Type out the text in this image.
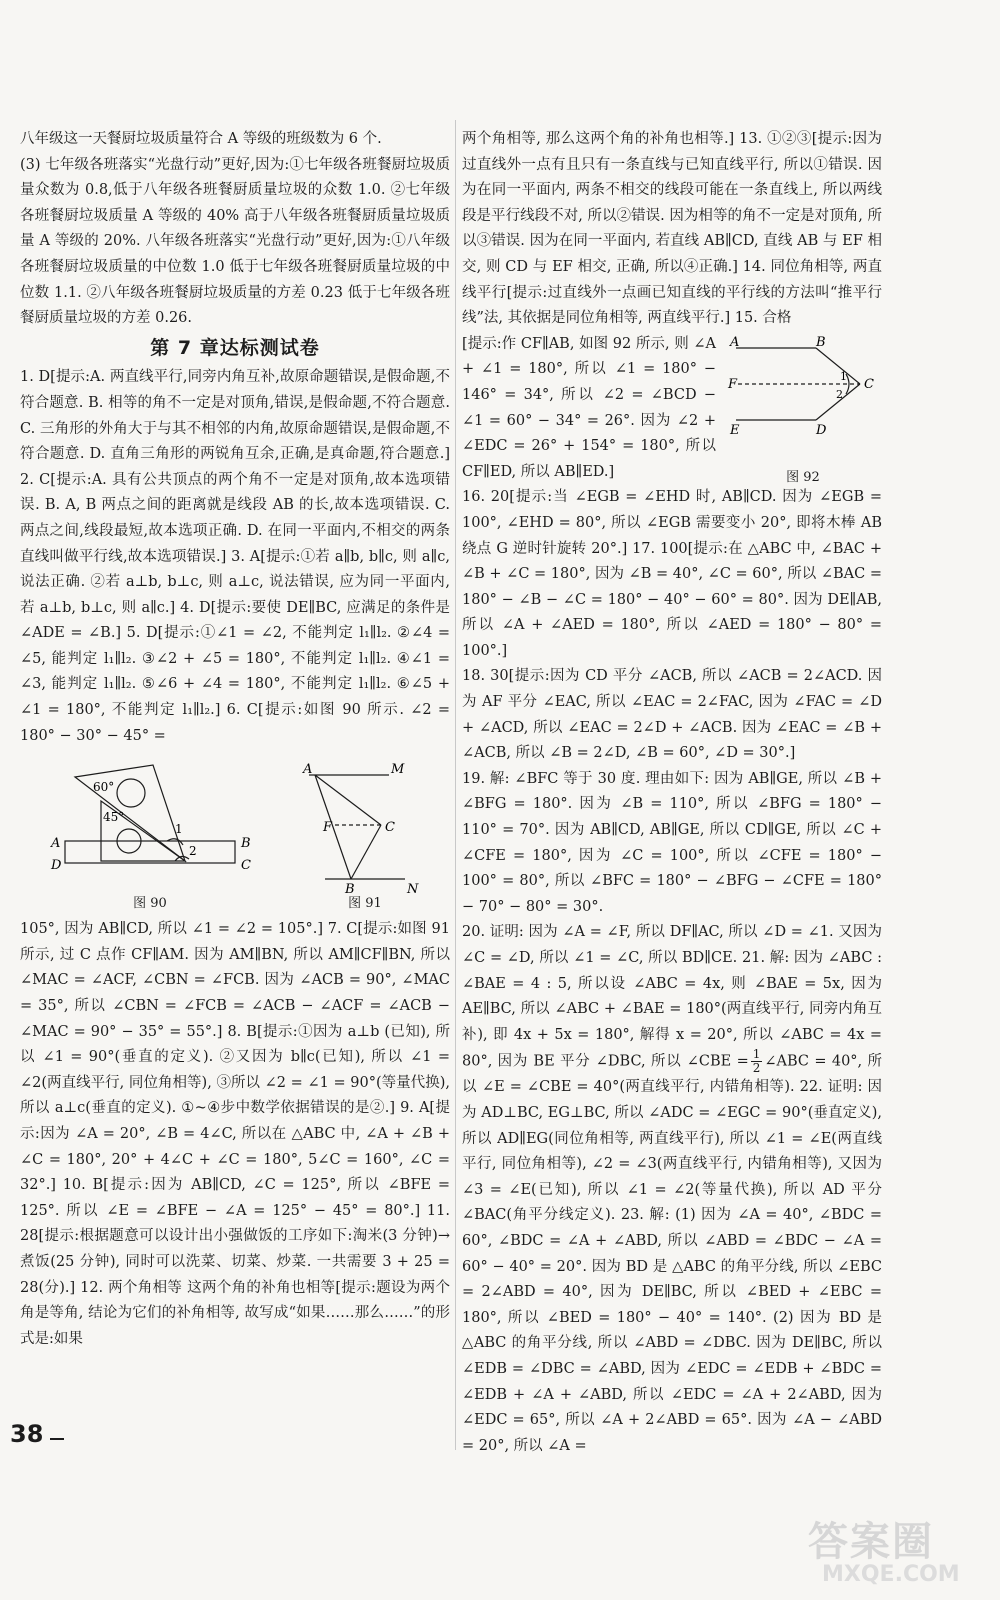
八年级这一天餐厨垃圾质量符合 A 等级的班级数为 6 个.

(3) 七年级各班落实“光盘行动”更好,因为:①七年级各班餐厨垃圾质量众数为 0.8,低于八年级各班餐厨质量垃圾的众数 1.0. ②七年级各班餐厨垃圾质量 A 等级的 40% 高于八年级各班餐厨质量垃圾质量 A 等级的 20%. 八年级各班落实“光盘行动”更好,因为:①八年级各班餐厨垃圾质量的中位数 1.0 低于七年级各班餐厨质量垃圾的中位数 1.1. ②八年级各班餐厨垃圾质量的方差 0.23 低于七年级各班餐厨质量垃圾的方差 0.26.

第 7 章达标测试卷

1. D[提示:A. 两直线平行,同旁内角互补,故原命题错误,是假命题,不符合题意. B. 相等的角不一定是对顶角,错误,是假命题,不符合题意. C. 三角形的外角大于与其不相邻的内角,故原命题错误,是假命题,不符合题意. D. 直角三角形的两锐角互余,正确,是真命题,符合题意.] 2. C[提示:A. 具有公共顶点的两个角不一定是对顶角,故本选项错误. B. A, B 两点之间的距离就是线段 AB 的长,故本选项错误. C. 两点之间,线段最短,故本选项正确. D. 在同一平面内,不相交的两条直线叫做平行线,故本选项错误.] 3. A[提示:①若 a∥b, b∥c, 则 a∥c, 说法正确. ②若 a⊥b, b⊥c, 则 a⊥c, 说法错误, 应为同一平面内, 若 a⊥b, b⊥c, 则 a∥c.] 4. D[提示:要使 DE∥BC, 应满足的条件是 ∠ADE = ∠B.] 5. D[提示:①∠1 = ∠2, 不能判定 l₁∥l₂. ②∠4 = ∠5, 能判定 l₁∥l₂. ③∠2 + ∠5 = 180°, 不能判定 l₁∥l₂. ④∠1 = ∠3, 能判定 l₁∥l₂. ⑤∠6 + ∠4 = 180°, 不能判定 l₁∥l₂. ⑥∠5 + ∠1 = 180°, 不能判定 l₁∥l₂.] 6. C[提示:如图 90 所示. ∠2 = 180° − 30° − 45° =

60°
45°
1
2
A	B
C
D
图 90
A	M
F	C
B	N
图 91

105°, 因为 AB∥CD, 所以 ∠1 = ∠2 = 105°.] 7. C[提示:如图 91 所示, 过 C 点作 CF∥AM. 因为 AM∥BN, 所以 AM∥CF∥BN, 所以 ∠MAC = ∠ACF, ∠CBN = ∠FCB. 因为 ∠ACB = 90°, ∠MAC = 35°, 所以 ∠CBN = ∠FCB = ∠ACB − ∠ACF = ∠ACB − ∠MAC = 90° − 35° = 55°.] 8. B[提示:①因为 a⊥b (已知), 所以 ∠1 = 90°(垂直的定义). ②又因为 b∥c(已知), 所以 ∠1 = ∠2(两直线平行, 同位角相等), ③所以 ∠2 = ∠1 = 90°(等量代换), 所以 a⊥c(垂直的定义). ①~④步中数学依据错误的是②.] 9. A[提示:因为 ∠A = 20°, ∠B = 4∠C, 所以在 △ABC 中, ∠A + ∠B + ∠C = 180°, 20° + 4∠C + ∠C = 180°, 5∠C = 160°, ∠C = 32°.] 10. B[提示:因为 AB∥CD, ∠C = 125°, 所以 ∠BFE = 125°. 所以 ∠E = ∠BFE − ∠A = 125° − 45° = 80°.] 11. 28[提示:根据题意可以设计出小强做饭的工序如下:淘米(3 分钟)→煮饭(25 分钟), 同时可以洗菜、切菜、炒菜. 一共需要 3 + 25 = 28(分).] 12. 两个角相等 这两个角的补角也相等[提示:题设为两个角是等角, 结论为它们的补角相等, 故写成“如果……那么……”的形式是:如果

两个角相等, 那么这两个角的补角也相等.] 13. ①②③[提示:因为过直线外一点有且只有一条直线与已知直线平行, 所以①错误. 因为在同一平面内, 两条不相交的线段可能在一条直线上, 所以两线段是平行线段不对, 所以②错误. 因为相等的角不一定是对顶角, 所以③错误. 因为在同一平面内, 若直线 AB∥CD, 直线 AB 与 EF 相交, 则 CD 与 EF 相交, 正确, 所以④正确.] 14. 同位角相等, 两直线平行[提示:过直线外一点画已知直线的平行线的方法叫“推平行线”法, 其依据是同位角相等, 两直线平行.] 15. 合格

A	B
F	C
E	D
1
2
图 92

[提示:作 CF∥AB, 如图 92 所示, 则 ∠A + ∠1 = 180°, 所以 ∠1 = 180° − 146° = 34°, 所以 ∠2 = ∠BCD − ∠1 = 60° − 34° = 26°. 因为 ∠2 + ∠EDC = 26° + 154° = 180°, 所以 CF∥ED, 所以 AB∥ED.]

16. 20[提示:当 ∠EGB = ∠EHD 时, AB∥CD. 因为 ∠EGB = 100°, ∠EHD = 80°, 所以 ∠EGB 需要变小 20°, 即将木棒 AB 绕点 G 逆时针旋转 20°.] 17. 100[提示:在 △ABC 中, ∠BAC + ∠B + ∠C = 180°, 因为 ∠B = 40°, ∠C = 60°, 所以 ∠BAC = 180° − ∠B − ∠C = 180° − 40° − 60° = 80°. 因为 DE∥AB, 所以 ∠A + ∠AED = 180°, 所以 ∠AED = 180° − 80° = 100°.]

18. 30[提示:因为 CD 平分 ∠ACB, 所以 ∠ACB = 2∠ACD. 因为 AF 平分 ∠EAC, 所以 ∠EAC = 2∠FAC, 因为 ∠FAC = ∠D + ∠ACD, 所以 ∠EAC = 2∠D + ∠ACB. 因为 ∠EAC = ∠B + ∠ACB, 所以 ∠B = 2∠D, ∠B = 60°, ∠D = 30°.]

19. 解: ∠BFC 等于 30 度. 理由如下: 因为 AB∥GE, 所以 ∠B + ∠BFG = 180°. 因为 ∠B = 110°, 所以 ∠BFG = 180° − 110° = 70°. 因为 AB∥CD, AB∥GE, 所以 CD∥GE, 所以 ∠C + ∠CFE = 180°, 因为 ∠C = 100°, 所以 ∠CFE = 180° − 100° = 80°, 所以 ∠BFC = 180° − ∠BFG − ∠CFE = 180° − 70° − 80° = 30°.

20. 证明: 因为 ∠A = ∠F, 所以 DF∥AC, 所以 ∠D = ∠1. 又因为 ∠C = ∠D, 所以 ∠1 = ∠C, 所以 BD∥CE. 21. 解: 因为 ∠ABC : ∠BAE = 4 : 5, 所以设 ∠ABC = 4x, 则 ∠BAE = 5x, 因为 AE∥BC, 所以 ∠ABC + ∠BAE = 180°(两直线平行, 同旁内角互补), 即 4x + 5x = 180°, 解得 x = 20°, 所以 ∠ABC = 4x = 80°, 因为 BE 平分 ∠DBC, 所以 ∠CBE = $\frac{1}{2}$ ∠ABC = 40°, 所以 ∠E = ∠CBE = 40°(两直线平行, 内错角相等). 22. 证明: 因为 AD⊥BC, EG⊥BC, 所以 ∠ADC = ∠EGC = 90°(垂直定义), 所以 AD∥EG(同位角相等, 两直线平行), 所以 ∠1 = ∠E(两直线平行, 同位角相等), ∠2 = ∠3(两直线平行, 内错角相等), 又因为 ∠3 = ∠E(已知), 所以 ∠1 = ∠2(等量代换), 所以 AD 平分 ∠BAC(角平分线定义). 23. 解: (1) 因为 ∠A = 40°, ∠BDC = 60°, ∠BDC = ∠A + ∠ABD, 所以 ∠ABD = ∠BDC − ∠A = 60° − 40° = 20°. 因为 BD 是 △ABC 的角平分线, 所以 ∠EBC = 2∠ABD = 40°, 因为 DE∥BC, 所以 ∠BED + ∠EBC = 180°, 所以 ∠BED = 180° − 40° = 140°. (2) 因为 BD 是 △ABC 的角平分线, 所以 ∠ABD = ∠DBC. 因为 DE∥BC, 所以 ∠EDB = ∠DBC = ∠ABD, 因为 ∠EDC = ∠EDB + ∠BDC = ∠EDB + ∠A + ∠ABD, 所以 ∠EDC = ∠A + 2∠ABD, 因为 ∠EDC = 65°, 所以 ∠A + 2∠ABD = 65°. 因为 ∠A − ∠ABD = 20°, 所以 ∠A =

38
答案圈
MXQE.COM
